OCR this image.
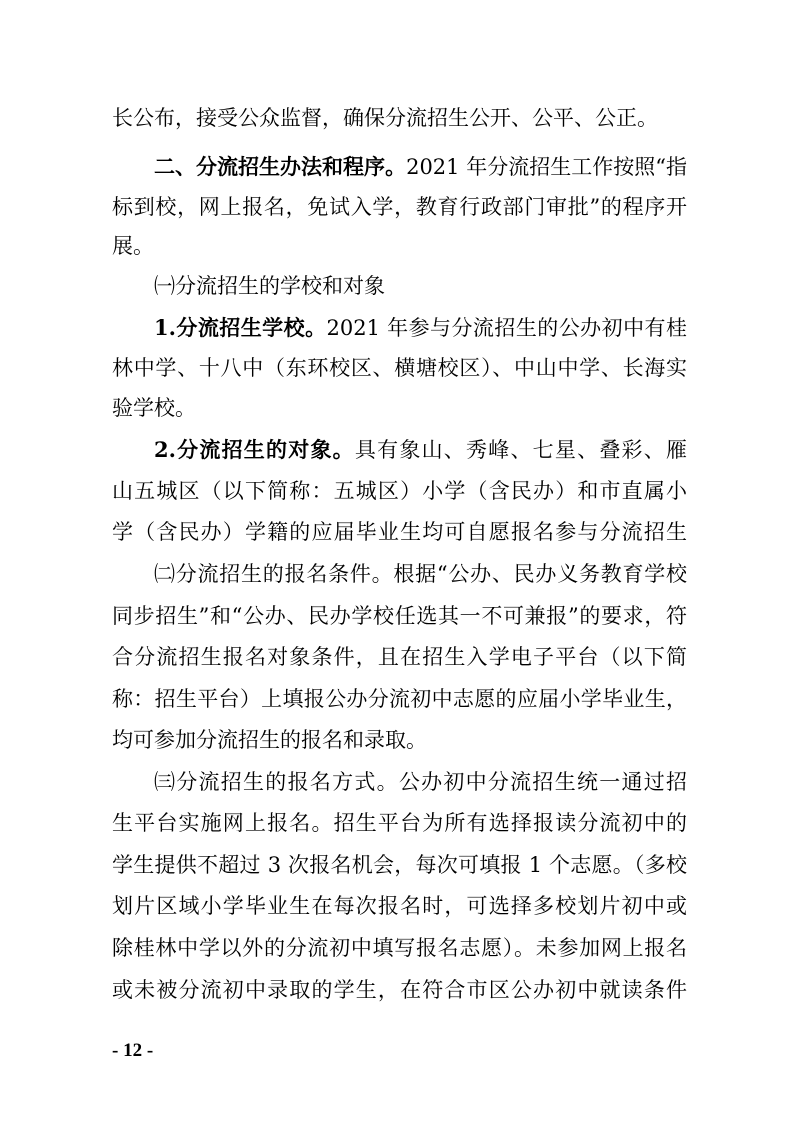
长公布，接受公众监督，确保分流招生公开、公平、公正。
二、分流招生办法和程序。2021 年分流招生工作按照“指
标到校，网上报名，免试入学，教育行政部门审批”的程序开
展。
㈠分流招生的学校和对象
1.分流招生学校。2021 年参与分流招生的公办初中有桂
林中学、十八中（东环校区、横塘校区）、中山中学、长海实
验学校。
2.分流招生的对象。具有象山、秀峰、七星、叠彩、雁
山五城区（以下简称：五城区）小学（含民办）和市直属小
学（含民办）学籍的应届毕业生均可自愿报名参与分流招生
㈡分流招生的报名条件。根据“公办、民办义务教育学校
同步招生”和“公办、民办学校任选其一不可兼报”的要求，符
合分流招生报名对象条件，且在招生入学电子平台（以下简
称：招生平台）上填报公办分流初中志愿的应届小学毕业生，
均可参加分流招生的报名和录取。
㈢分流招生的报名方式。公办初中分流招生统一通过招
生平台实施网上报名。招生平台为所有选择报读分流初中的
学生提供不超过 3 次报名机会，每次可填报 1 个志愿。（多校
划片区域小学毕业生在每次报名时，可选择多校划片初中或
除桂林中学以外的分流初中填写报名志愿）。未参加网上报名
或未被分流初中录取的学生，在符合市区公办初中就读条件
- 12 -
